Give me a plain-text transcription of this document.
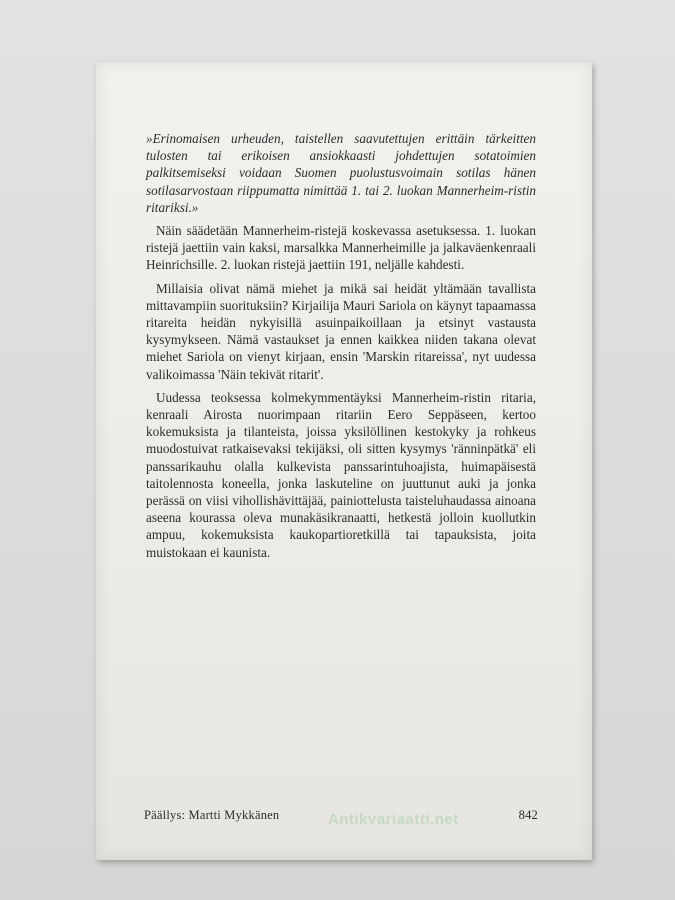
»Erinomaisen urheuden, taistellen saavutettujen erittäin tärkeitten tulosten tai erikoisen ansiokkaasti johdettujen sotatoimien palkitsemiseksi voidaan Suomen puolustusvoimain sotilas hänen sotilasarvostaan riippumatta nimittää 1. tai 2. luokan Mannerheim-ristin ritariksi.»

Näin säädetään Mannerheim-ristejä koskevassa asetuksessa. 1. luokan ristejä jaettiin vain kaksi, marsalkka Mannerheimille ja jalkaväenkenraali Heinrichsille. 2. luokan ristejä jaettiin 191, neljälle kahdesti.

Millaisia olivat nämä miehet ja mikä sai heidät yltämään tavallista mittavampiin suorituksiin? Kirjailija Mauri Sariola on käynyt tapaamassa ritareita heidän nykyisillä asuinpaikoillaan ja etsinyt vastausta kysymykseen. Nämä vastaukset ja ennen kaikkea niiden takana olevat miehet Sariola on vienyt kirjaan, ensin 'Marskin ritareissa', nyt uudessa valikoimassa 'Näin tekivät ritarit'.

Uudessa teoksessa kolmekymmentäyksi Mannerheim-ristin ritaria, kenraali Airosta nuorimpaan ritariin Eero Seppäseen, kertoo kokemuksista ja tilanteista, joissa yksilöllinen kestokyky ja rohkeus muodostuivat ratkaisevaksi tekijäksi, oli sitten kysymys 'ränninpätkä' eli panssarikauhu olalla kulkevista panssarintuhoajista, huimapäisestä taitolennosta koneella, jonka laskuteline on juuttunut auki ja jonka perässä on viisi vihollishävittäjää, painiottelusta taisteluhaudassa ainoana aseena kourassa oleva munakäsikranaatti, hetkestä jolloin kuollutkin ampuu, kokemuksista kaukopartioretkillä tai tapauksista, joita muistokaan ei kaunista.

Päällys: Martti Mykkänen	842
Antikvariaatti.net
